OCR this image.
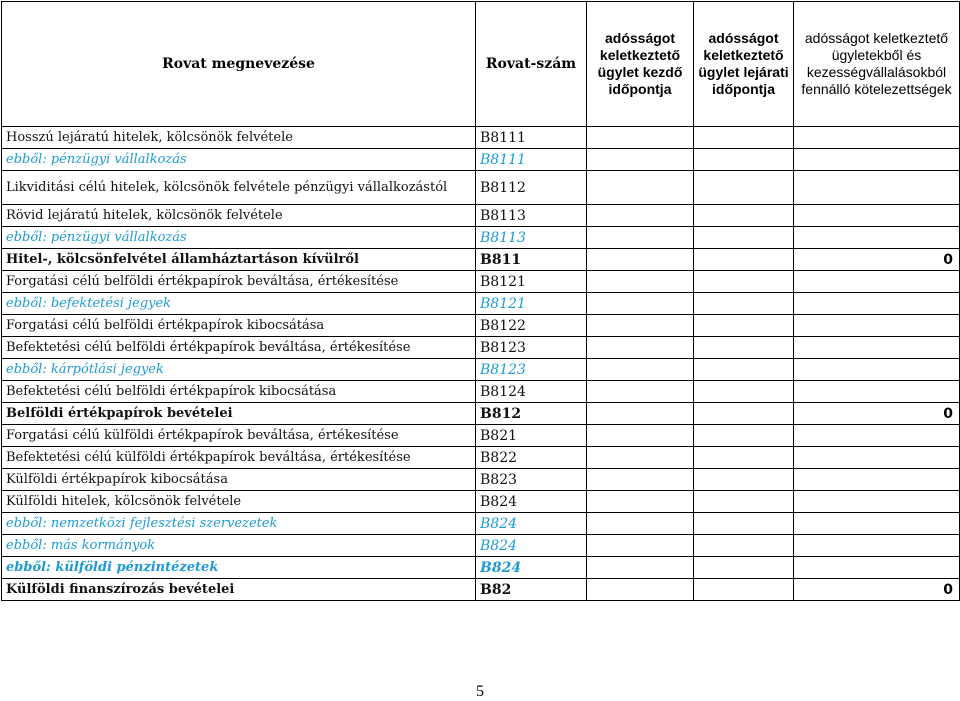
Rovat megnevezése	Rovat-szám	adósságot keletkeztető ügylet kezdő időpontja	adósságot keletkeztető ügylet lejárati időpontja	adósságot keletkeztető ügyletekből és kezességvállalásokból fennálló kötelezettségek
Hosszú lejáratú hitelek, kölcsönök felvétele	B8111			
ebből: pénzügyi vállalkozás	B8111			
Likviditási célú hitelek, kölcsönök felvétele pénzügyi vállalkozástól	B8112			
Rövid lejáratú hitelek, kölcsönök felvétele	B8113			
ebből: pénzügyi vállalkozás	B8113			
Hitel-, kölcsönfelvétel államháztartáson kívülről	B811			0
Forgatási célú belföldi értékpapírok beváltása, értékesítése	B8121			
ebből: befektetési jegyek	B8121			
Forgatási célú belföldi értékpapírok kibocsátása	B8122			
Befektetési célú belföldi értékpapírok beváltása, értékesítése	B8123			
ebből: kárpótlási jegyek	B8123			
Befektetési célú belföldi értékpapírok kibocsátása	B8124			
Belföldi értékpapírok bevételei	B812			0
Forgatási célú külföldi értékpapírok beváltása, értékesítése	B821			
Befektetési célú külföldi értékpapírok beváltása, értékesítése	B822			
Külföldi értékpapírok kibocsátása	B823			
Külföldi hitelek, kölcsönök felvétele	B824			
ebből: nemzetközi fejlesztési szervezetek	B824			
ebből: más kormányok	B824			
ebből: külföldi pénzintézetek	B824			
Külföldi finanszírozás bevételei	B82			0
5
